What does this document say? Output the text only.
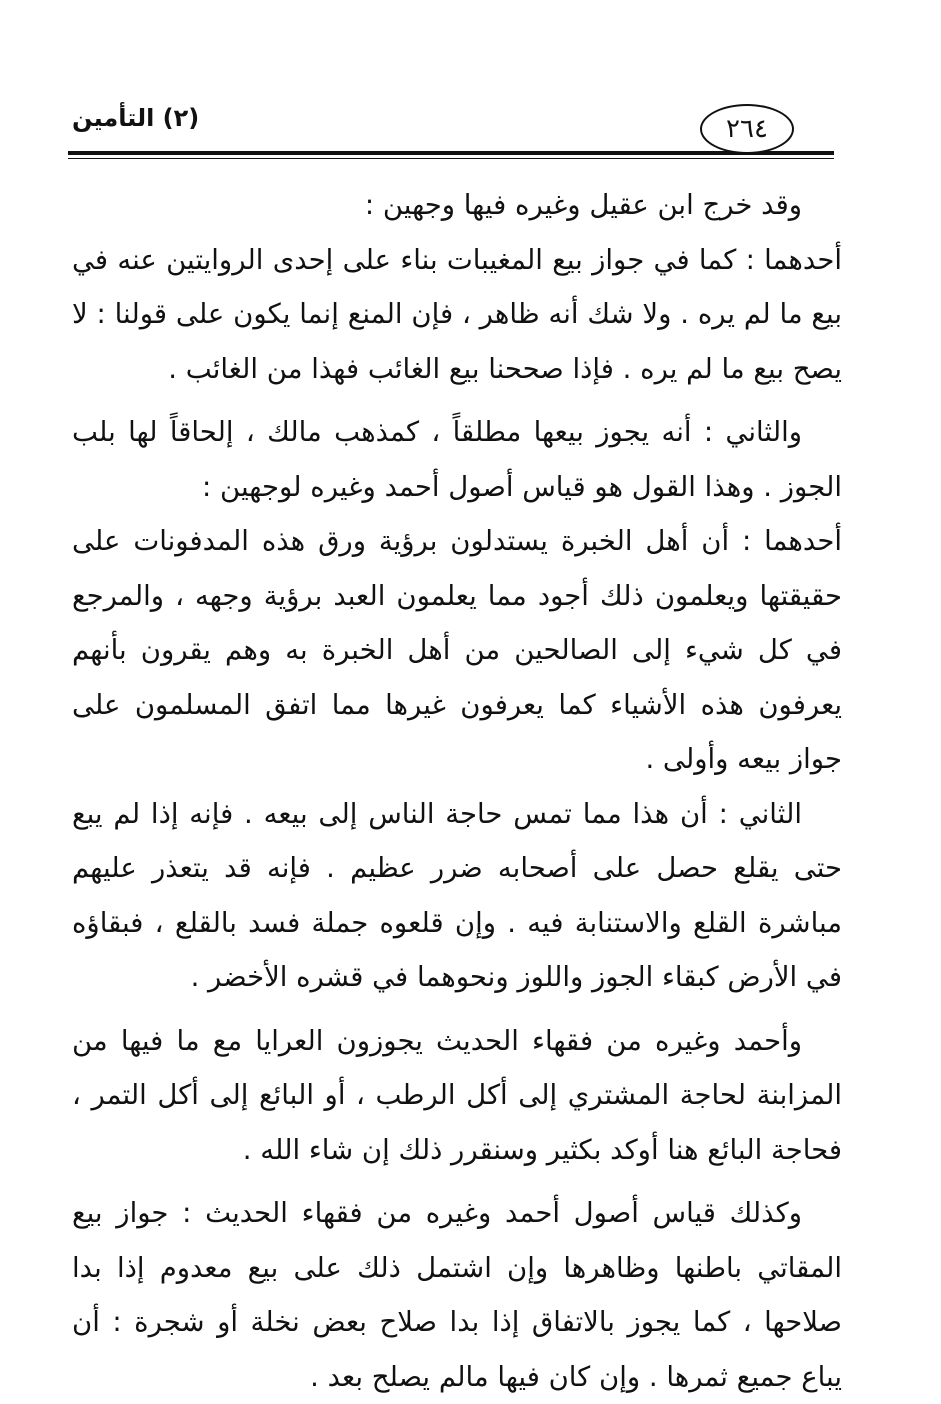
(٢) التأمين	٢٦٤

وقد خرج ابن عقيل وغيره فيها وجهين :

أحدهما : كما في جواز بيع المغيبات بناء على إحدى الروايتين عنه في بيع ما لم يره . ولا شك أنه ظاهر ، فإن المنع إنما يكون على قولنا : لا يصح بيع ما لم يره . فإذا صححنا بيع الغائب فهذا من الغائب .

والثاني : أنه يجوز بيعها مطلقاً ، كمذهب مالك ، إلحاقاً لها بلب الجوز . وهذا القول هو قياس أصول أحمد وغيره لوجهين :

أحدهما : أن أهل الخبرة يستدلون برؤية ورق هذه المدفونات على حقيقتها ويعلمون ذلك أجود مما يعلمون العبد برؤية وجهه ، والمرجع في كل شيء إلى الصالحين من أهل الخبرة به وهم يقرون بأنهم يعرفون هذه الأشياء كما يعرفون غيرها مما اتفق المسلمون على جواز بيعه وأولى .

الثاني : أن هذا مما تمس حاجة الناس إلى بيعه . فإنه إذا لم يبع حتى يقلع حصل على أصحابه ضرر عظيم . فإنه قد يتعذر عليهم مباشرة القلع والاستنابة فيه . وإن قلعوه جملة فسد بالقلع ، فبقاؤه في الأرض كبقاء الجوز واللوز ونحوهما في قشره الأخضر .

وأحمد وغيره من فقهاء الحديث يجوزون العرايا مع ما فيها من المزابنة لحاجة المشتري إلى أكل الرطب ، أو البائع إلى أكل التمر ، فحاجة البائع هنا أوكد بكثير وسنقرر ذلك إن شاء الله .

وكذلك قياس أصول أحمد وغيره من فقهاء الحديث : جواز بيع المقاتي باطنها وظاهرها وإن اشتمل ذلك على بيع معدوم إذا بدا صلاحها ، كما يجوز بالاتفاق إذا بدا صلاح بعض نخلة أو شجرة : أن يباع جميع ثمرها . وإن كان فيها مالم يصلح بعد .
